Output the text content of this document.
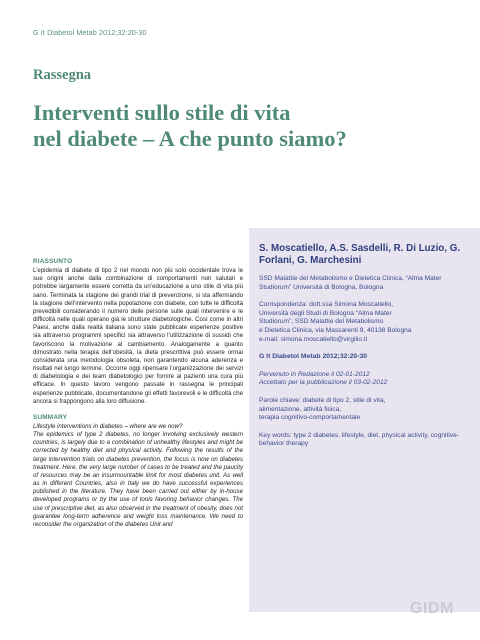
G It Diabetol Metab 2012;32:20-30
Rassegna
Interventi sullo stile di vita
nel diabete – A che punto siamo?
RIASSUNTO

L’epidemia di diabete di tipo 2 nel mondo non più solo occidentale trova le sue origini anche dalla combinazione di comportamenti non salutari e potrebbe largamente essere corretta da un’educazione a uno stile di vita più sano. Terminata la stagione dei grandi trial di prevenzione, si sta affermando la stagione dell’intervento nella popolazione con diabete, con tutte le difficoltà prevedibili considerando il numero delle persone sulle quali intervenire e le difficoltà nelle quali operano già le strutture diabetologiche. Così come in altri Paesi, anche dalla realtà italiana sono state pubblicate esperienze positive sia attraverso programmi specifici sia attraverso l’utilizzazione di sussidi che favoriscono la motivazione al cambiamento. Analogamente a quanto dimostrato nella terapia dell’obesità, la dieta prescrittiva può essere ormai considerata una metodologia obsoleta, non garantendo alcuna aderenza e risultati nel lungo termine. Occorre oggi ripensare l’organizzazione dei servizi di diabetologia e dei team diabetologici per fornire ai pazienti una cura più efficace. In questo lavoro vengono passate in rassegna le principali esperienze pubblicate, documentandone gli effetti favorevoli e le difficoltà che ancora si frappongono alla loro diffusione.

SUMMARY

Lifestyle interventions in diabetes – where are we now?

The epidemics of type 2 diabetes, no longer involving exclusively western countries, is largely due to a combination of unhealthy lifestyles and might be corrected by healthy diet and physical activity. Following the results of the large intervention trials on diabetes prevention, the focus is now on diabetes treatment. Here, the very large number of cases to be treated and the paucity of resources may be an insurmountable limit for most diabetes unit. As well as in different Countries, also in Italy we do have successful experiences published in the literature. They have been carried out either by in-house developed programs or by the use of tools favoring behavior changes. The use of prescriptive diet, as also observed in the treatment of obesity, does not guarantee long-term adherence and weight loss maintenance. We need to reconsider the organization of the diabetes Unit and

S. Moscatiello, A.S. Sasdelli, R. Di Luzio, G. Forlani, G. Marchesini
SSD Malattie del Metabolismo e Dietetica Clinica, “Alma Mater Studiorum” Università di Bologna, Bologna
Corrispondenza: dott.ssa Simona Moscatiello,
Università degli Studi di Bologna “Alma Mater
Studiorum”, SSD Malattie del Metabolismo
e Dietetica Clinica, via Massarenti 9, 40138 Bologna
e-mail: simona.moscatiello@virgilio.it
G It Diabetol Metab 2012;32:20-30
Pervenuto in Redazione il 02-01-2012
Accettato per la pubblicazione il 03-02-2012
Parole chiave: diabete di tipo 2, stile di vita,
alimentazione, attività fisica,
terapia cognitivo-comportamentale
Key words: type 2 diabetes, lifestyle, diet, physical activity, cognitive-behavior therapy
GIDM
